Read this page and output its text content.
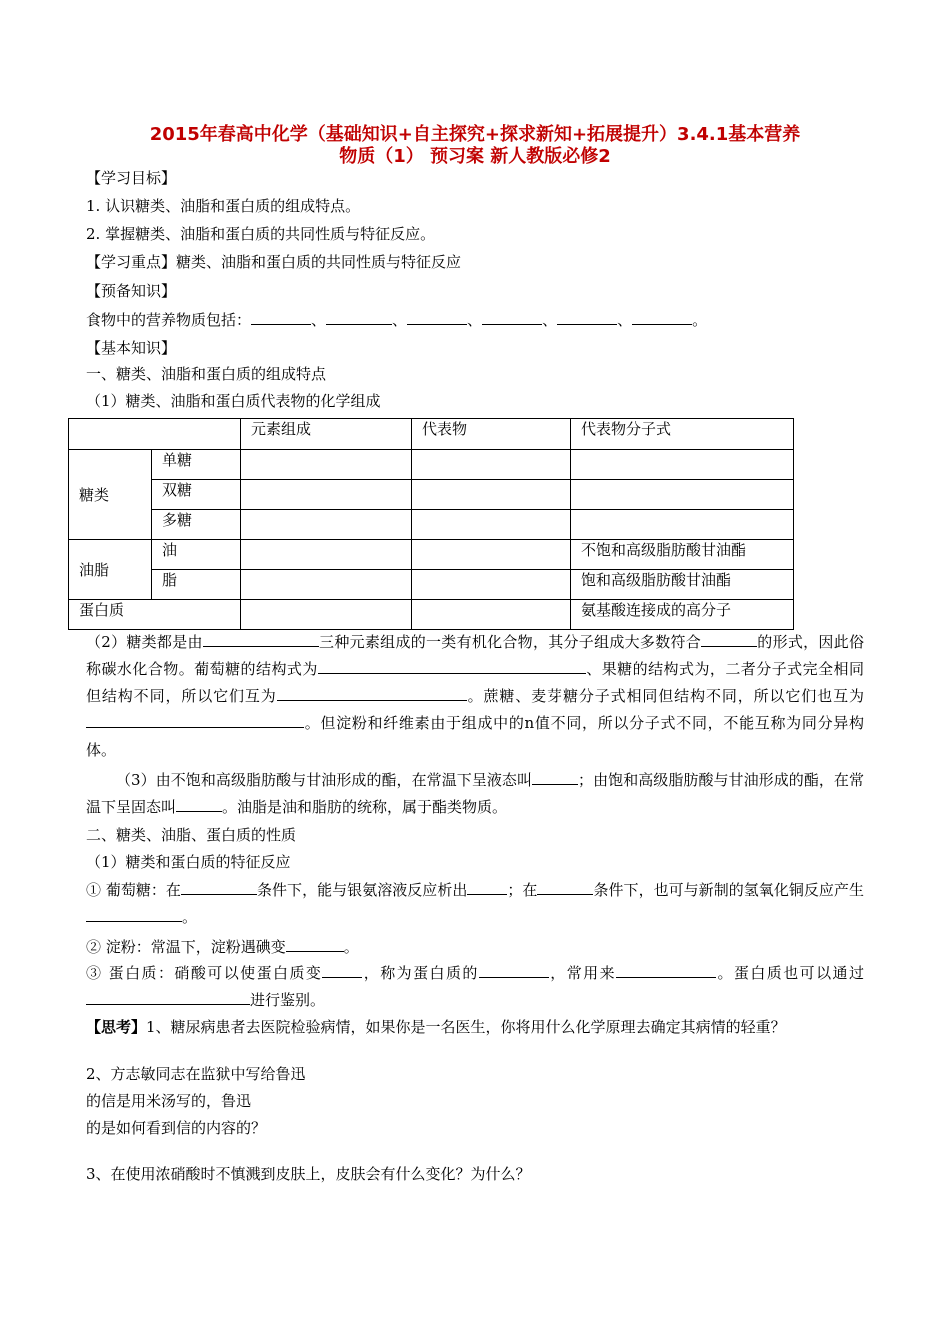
2015年春高中化学（基础知识+自主探究+探求新知+拓展提升）3.4.1基本营养
物质（1） 预习案 新人教版必修2
【学习目标】
1. 认识糖类、油脂和蛋白质的组成特点。
2. 掌握糖类、油脂和蛋白质的共同性质与特征反应。
【学习重点】糖类、油脂和蛋白质的共同性质与特征反应
【预备知识】
食物中的营养物质包括：	、	、	、	、	、	。
【基本知识】
一、糖类、油脂和蛋白质的组成特点
（1）糖类、油脂和蛋白质代表物的化学组成
		元素组成	代表物	代表物分子式
糖类	单糖			
	双糖			
	多糖			
油脂	油			不饱和高级脂肪酸甘油酯
	脂			饱和高级脂肪酸甘油酯
蛋白质				氨基酸连接成的高分子
（2）糖类都是由	三种元素组成的一类有机化合物，其分子组成大多数符合	的形式，因此俗称碳水化合物。葡萄糖的结构式为	、果糖的结构式为，二者分子式完全相同但结构不同，所以它们互为	。蔗糖、麦芽糖分子式相同但结构不同，所以它们也互为。但淀粉和纤维素由于组成中的n值不同，所以分子式不同，不能互称为同分异构体。
（3）由不饱和高级脂肪酸与甘油形成的酯，在常温下呈液态叫	；由饱和高级脂肪酸与甘油形成的酯，在常温下呈固态叫	。油脂是油和脂肪的统称，属于酯类物质。
二、糖类、油脂、蛋白质的性质
（1）糖类和蛋白质的特征反应
① 葡萄糖：在	条件下，能与银氨溶液反应析出	；在	条件下，也可与新制的氢氧化铜反应产生。
② 淀粉：常温下，淀粉遇碘变	。
③ 蛋白质：硝酸可以使蛋白质变	，称为蛋白质的	，常用来	。蛋白质也可以通过进行鉴别。
【思考】1、糖尿病患者去医院检验病情，如果你是一名医生，你将用什么化学原理去确定其病情的轻重？
2、方志敏同志在监狱中写给鲁迅
的信是用米汤写的，鲁迅
的是如何看到信的内容的？
3、在使用浓硝酸时不慎溅到皮肤上，皮肤会有什么变化？为什么？
